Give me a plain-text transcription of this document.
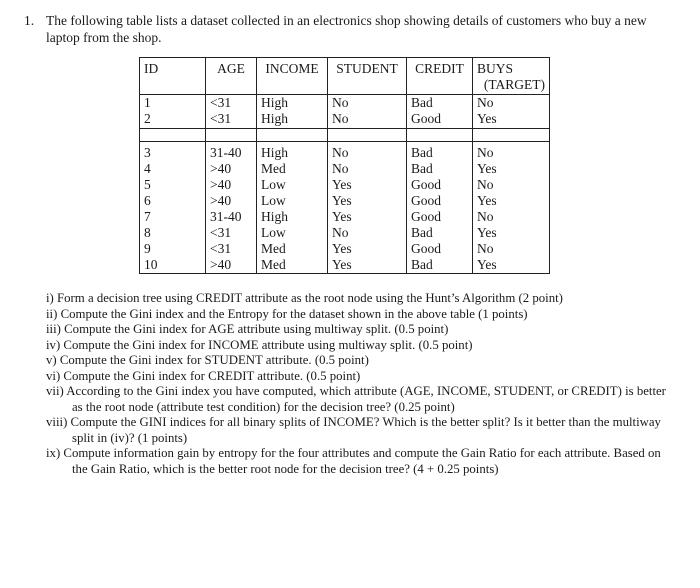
1. The following table lists a dataset collected in an electronics shop showing details of customers who buy a new laptop from the shop.
ID	AGE	INCOME	STUDENT	CREDIT	BUYS
(TARGET)

1	<31	High	No	Bad	No
2	<31	High	No	Good	Yes

3	31-40	High	No	Bad	No
4	>40	Med	No	Bad	Yes
5	>40	Low	Yes	Good	No
6	>40	Low	Yes	Good	Yes
7	31-40	High	Yes	Good	No
8	<31	Low	No	Bad	Yes
9	<31	Med	Yes	Good	No
10	>40	Med	Yes	Bad	Yes
i) Form a decision tree using CREDIT attribute as the root node using the Hunt’s Algorithm (2 point)
ii) Compute the Gini index and the Entropy for the dataset shown in the above table (1 points)
iii) Compute the Gini index for AGE attribute using multiway split. (0.5 point)
iv) Compute the Gini index for INCOME attribute using multiway split. (0.5 point)
v) Compute the Gini index for STUDENT attribute. (0.5 point)
vi) Compute the Gini index for CREDIT attribute. (0.5 point)
vii) According to the Gini index you have computed, which attribute (AGE, INCOME, STUDENT, or CREDIT) is better as the root node (attribute test condition) for the decision tree? (0.25 point)
viii) Compute the GINI indices for all binary splits of INCOME? Which is the better split? Is it better than the multiway split in (iv)? (1 points)
ix) Compute information gain by entropy for the four attributes and compute the Gain Ratio for each attribute. Based on the Gain Ratio, which is the better root node for the decision tree? (4 + 0.25 points)
